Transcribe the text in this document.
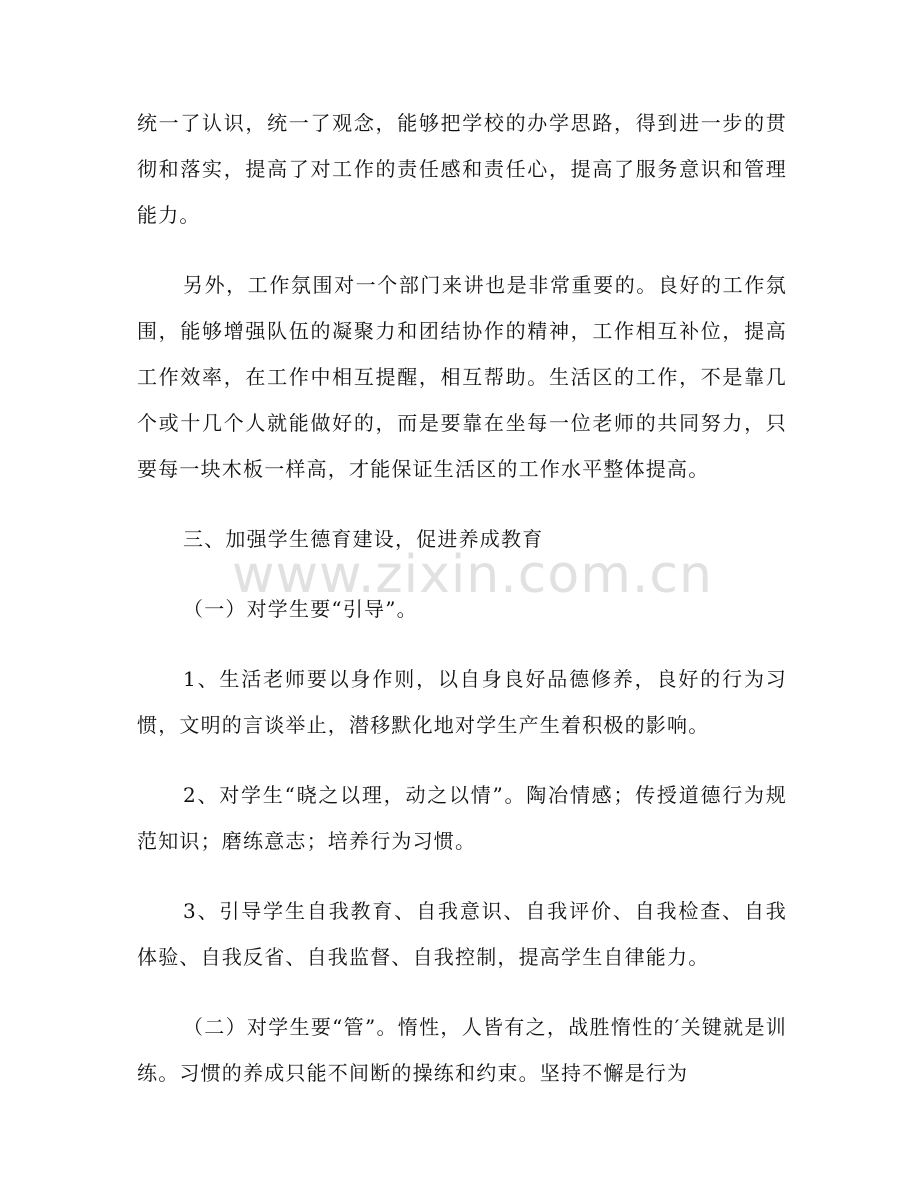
统一了认识，统一了观念，能够把学校的办学思路，得到进一步的贯彻和落实，提高了对工作的责任感和责任心，提高了服务意识和管理能力。

另外，工作氛围对一个部门来讲也是非常重要的。良好的工作氛围，能够增强队伍的凝聚力和团结协作的精神，工作相互补位，提高工作效率，在工作中相互提醒，相互帮助。生活区的工作，不是靠几个或十几个人就能做好的，而是要靠在坐每一位老师的共同努力，只要每一块木板一样高，才能保证生活区的工作水平整体提高。

三、加强学生德育建设，促进养成教育

（一）对学生要“引导”。

1、生活老师要以身作则，以自身良好品德修养，良好的行为习惯，文明的言谈举止，潜移默化地对学生产生着积极的影响。

2、对学生“晓之以理，动之以情”。陶冶情感；传授道德行为规范知识；磨练意志；培养行为习惯。

3、引导学生自我教育、自我意识、自我评价、自我检查、自我体验、自我反省、自我监督、自我控制，提高学生自律能力。

（二）对学生要“管”。惰性，人皆有之，战胜惰性的′关键就是训练。习惯的养成只能不间断的操练和约束。坚持不懈是行为

www.zixin.com.cn
